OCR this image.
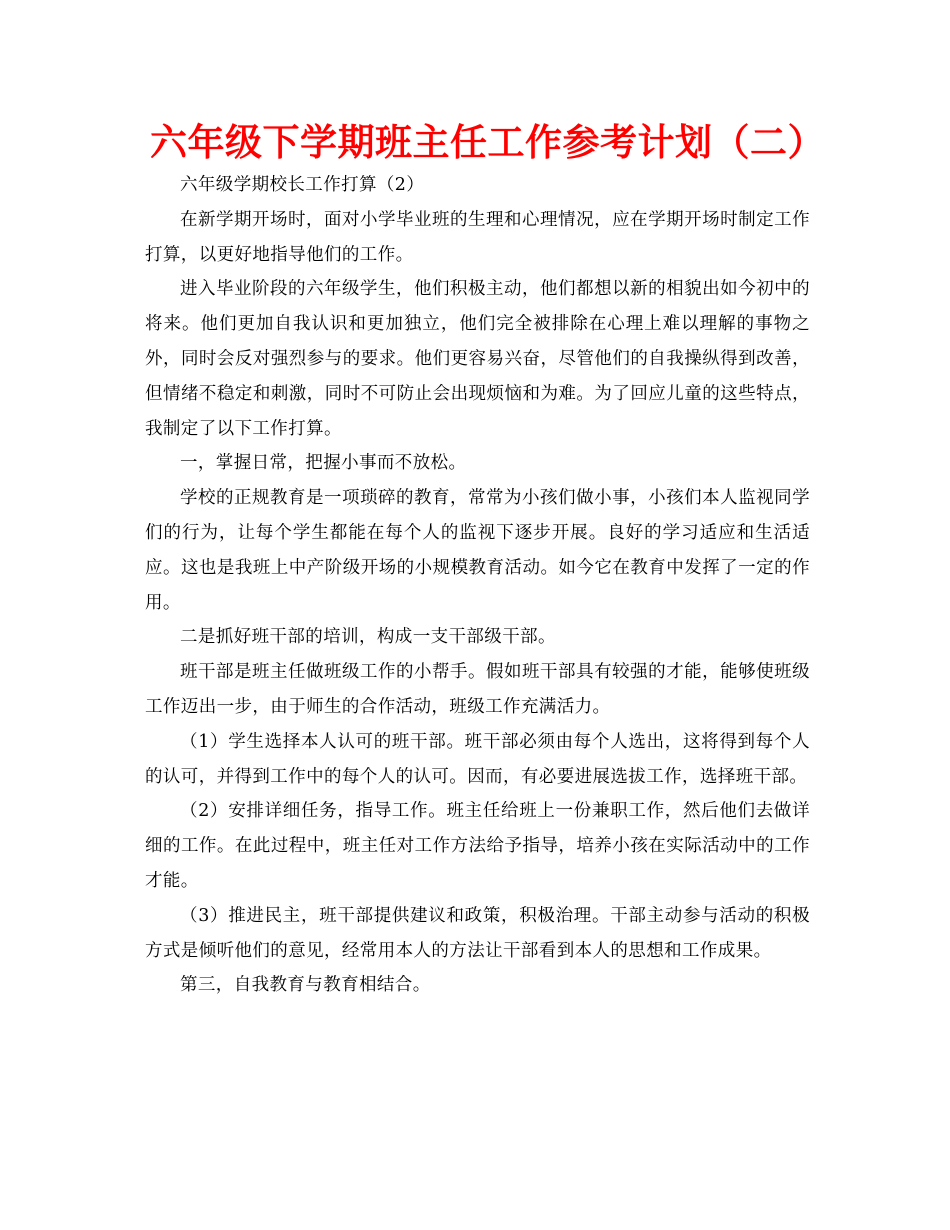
六年级下学期班主任工作参考计划（二）

六年级学期校长工作打算（2）

在新学期开场时，面对小学毕业班的生理和心理情况，应在学期开场时制定工作打算，以更好地指导他们的工作。

进入毕业阶段的六年级学生，他们积极主动，他们都想以新的相貌出如今初中的将来。他们更加自我认识和更加独立，他们完全被排除在心理上难以理解的事物之外，同时会反对强烈参与的要求。他们更容易兴奋，尽管他们的自我操纵得到改善，但情绪不稳定和刺激，同时不可防止会出现烦恼和为难。为了回应儿童的这些特点，我制定了以下工作打算。

一，掌握日常，把握小事而不放松。

学校的正规教育是一项琐碎的教育，常常为小孩们做小事，小孩们本人监视同学们的行为，让每个学生都能在每个人的监视下逐步开展。良好的学习适应和生活适应。这也是我班上中产阶级开场的小规模教育活动。如今它在教育中发挥了一定的作用。

二是抓好班干部的培训，构成一支干部级干部。

班干部是班主任做班级工作的小帮手。假如班干部具有较强的才能，能够使班级工作迈出一步，由于师生的合作活动，班级工作充满活力。

（1）学生选择本人认可的班干部。班干部必须由每个人选出，这将得到每个人的认可，并得到工作中的每个人的认可。因而，有必要进展选拔工作，选择班干部。

（2）安排详细任务，指导工作。班主任给班上一份兼职工作，然后他们去做详细的工作。在此过程中，班主任对工作方法给予指导，培养小孩在实际活动中的工作才能。

（3）推进民主，班干部提供建议和政策，积极治理。干部主动参与活动的积极方式是倾听他们的意见，经常用本人的方法让干部看到本人的思想和工作成果。

第三，自我教育与教育相结合。
